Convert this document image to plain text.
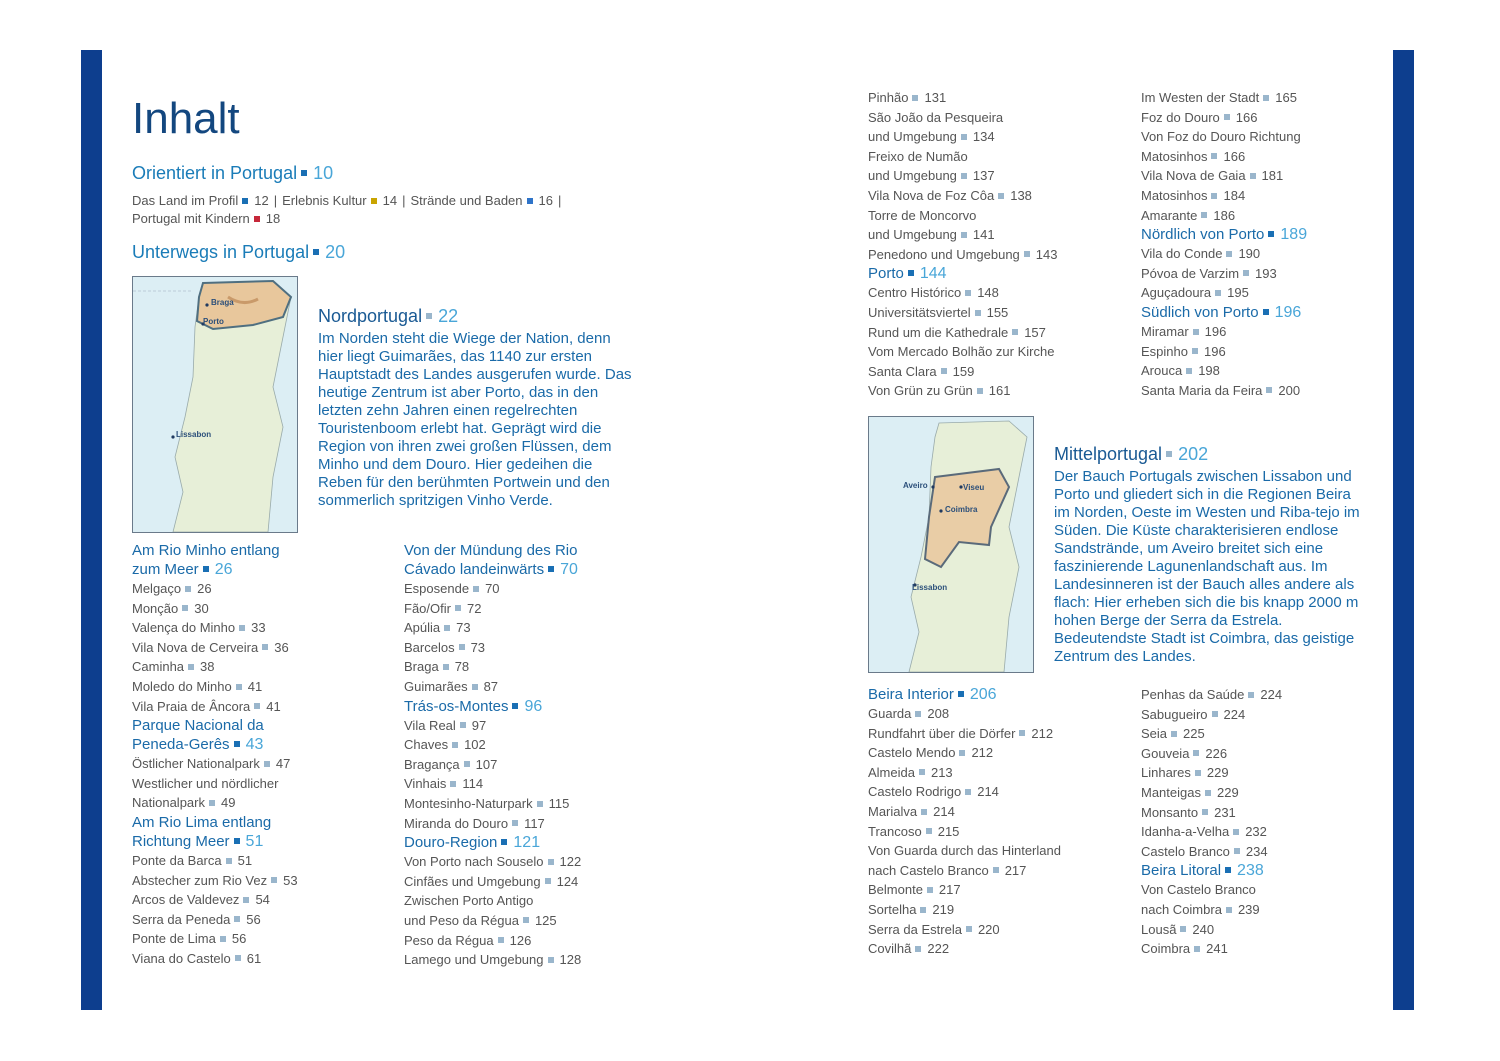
Inhalt
Orientiert in Portugal 10
Das Land im Profil 12 | Erlebnis Kultur 14 | Strände und Baden 16 |
Portugal mit Kindern 18
Unterwegs in Portugal 20
Braga
Porto
Lissabon
Nordportugal 22
Im Norden steht die Wiege der Nation, denn hier liegt Guimarães, das 1140 zur ersten Hauptstadt des Landes ausgerufen wurde. Das heutige Zentrum ist aber Porto, das in den letzten zehn Jahren einen regelrechten Touristenboom erlebt hat. Geprägt wird die Region von ihren zwei großen Flüssen, dem Minho und dem Douro. Hier gedeihen die Reben für den berühmten Portwein und den sommerlich spritzigen Vinho Verde.
Aveiro	Viseu
Coimbra
Lissabon
Mittelportugal 202
Der Bauch Portugals zwischen Lissabon und Porto und gliedert sich in die Regionen Beira im Norden, Oeste im Westen und Riba-tejo im Süden. Die Küste charakterisieren endlose Sandstrände, um Aveiro breitet sich eine faszinierende Lagunenlandschaft aus. Im Landesinneren ist der Bauch alles andere als flach: Hier erheben sich die bis knapp 2000 m hohen Berge der Serra da Estrela. Bedeutendste Stadt ist Coimbra, das geistige Zentrum des Landes.
Am Rio Minho entlang
zum Meer 26
Melgaço 26
Monção 30
Valença do Minho 33
Vila Nova de Cerveira 36
Caminha 38
Moledo do Minho 41
Vila Praia de Âncora 41
Parque Nacional da
Peneda-Gerês 43
Östlicher Nationalpark 47
Westlicher und nördlicher
Nationalpark 49
Am Rio Lima entlang
Richtung Meer 51
Ponte da Barca 51
Abstecher zum Rio Vez 53
Arcos de Valdevez 54
Serra da Peneda 56
Ponte de Lima 56
Viana do Castelo 61
Von der Mündung des Rio
Cávado landeinwärts 70
Esposende 70
Fão/Ofir 72
Apúlia 73
Barcelos 73
Braga 78
Guimarães 87
Trás-os-Montes 96
Vila Real 97
Chaves 102
Bragança 107
Vinhais 114
Montesinho-Naturpark 115
Miranda do Douro 117
Douro-Region 121
Von Porto nach Souselo 122
Cinfães und Umgebung 124
Zwischen Porto Antigo
und Peso da Régua 125
Peso da Régua 126
Lamego und Umgebung 128
Pinhão 131
São João da Pesqueira
und Umgebung 134
Freixo de Numão
und Umgebung 137
Vila Nova de Foz Côa 138
Torre de Moncorvo
und Umgebung 141
Penedono und Umgebung 143
Porto 144
Centro Histórico 148
Universitätsviertel 155
Rund um die Kathedrale 157
Vom Mercado Bolhão zur Kirche
Santa Clara 159
Von Grün zu Grün 161
Im Westen der Stadt 165
Foz do Douro 166
Von Foz do Douro Richtung
Matosinhos 166
Vila Nova de Gaia 181
Matosinhos 184
Amarante 186
Nördlich von Porto 189
Vila do Conde 190
Póvoa de Varzim 193
Aguçadoura 195
Südlich von Porto 196
Miramar 196
Espinho 196
Arouca 198
Santa Maria da Feira 200
Beira Interior 206
Guarda 208
Rundfahrt über die Dörfer 212
Castelo Mendo 212
Almeida 213
Castelo Rodrigo 214
Marialva 214
Trancoso 215
Von Guarda durch das Hinterland
nach Castelo Branco 217
Belmonte 217
Sortelha 219
Serra da Estrela 220
Covilhã 222
Penhas da Saúde 224
Sabugueiro 224
Seia 225
Gouveia 226
Linhares 229
Manteigas 229
Monsanto 231
Idanha-a-Velha 232
Castelo Branco 234
Beira Litoral 238
Von Castelo Branco
nach Coimbra 239
Lousã 240
Coimbra 241
